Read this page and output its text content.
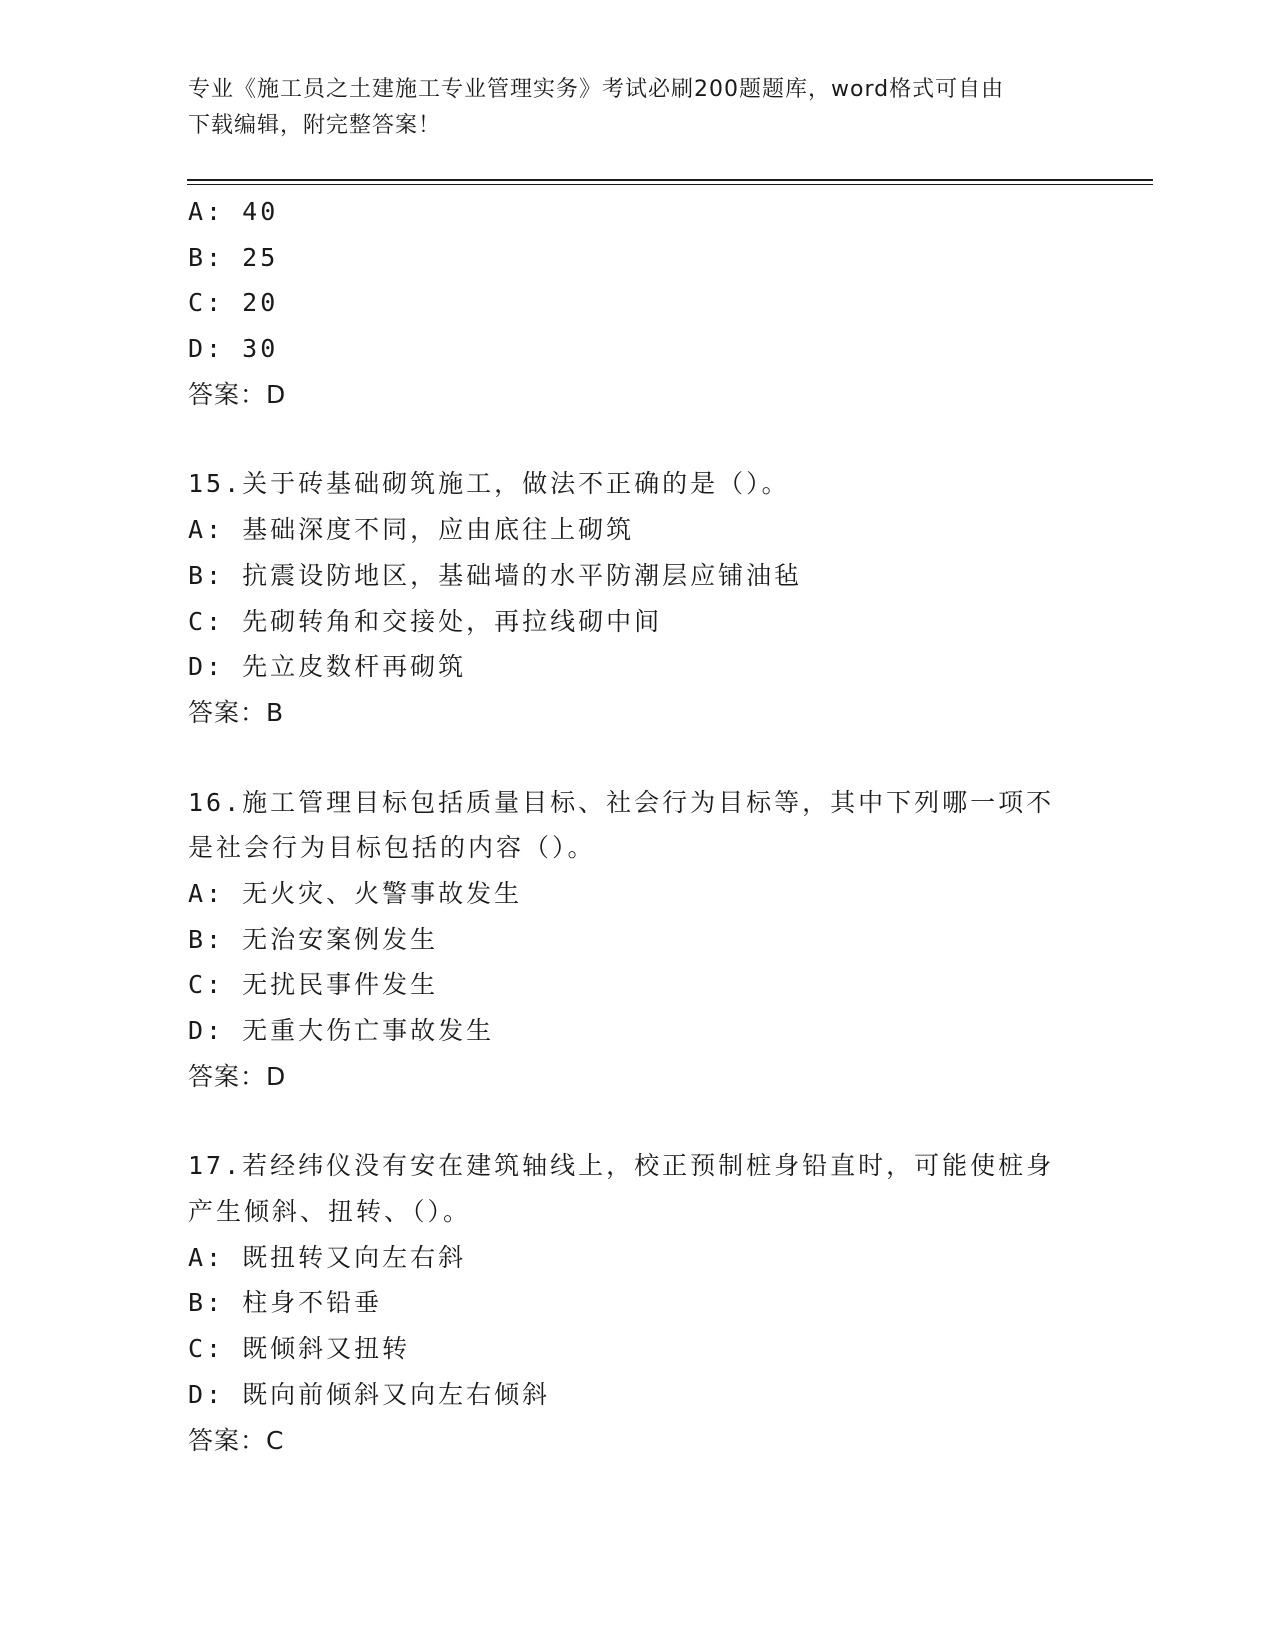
专业《施工员之土建施工专业管理实务》考试必刷200题题库，word格式可自由
下载编辑，附完整答案！
A: 40
B: 25
C: 20
D: 30
答案：D
15.关于砖基础砌筑施工，做法不正确的是（）。
A: 基础深度不同，应由底往上砌筑
B: 抗震设防地区，基础墙的水平防潮层应铺油毡
C: 先砌转角和交接处，再拉线砌中间
D: 先立皮数杆再砌筑
答案：B
16.施工管理目标包括质量目标、社会行为目标等，其中下列哪一项不
是社会行为目标包括的内容（）。
A: 无火灾、火警事故发生
B: 无治安案例发生
C: 无扰民事件发生
D: 无重大伤亡事故发生
答案：D
17.若经纬仪没有安在建筑轴线上，校正预制桩身铅直时，可能使桩身
产生倾斜、扭转、（）。
A: 既扭转又向左右斜
B: 柱身不铅垂
C: 既倾斜又扭转
D: 既向前倾斜又向左右倾斜
答案：C
